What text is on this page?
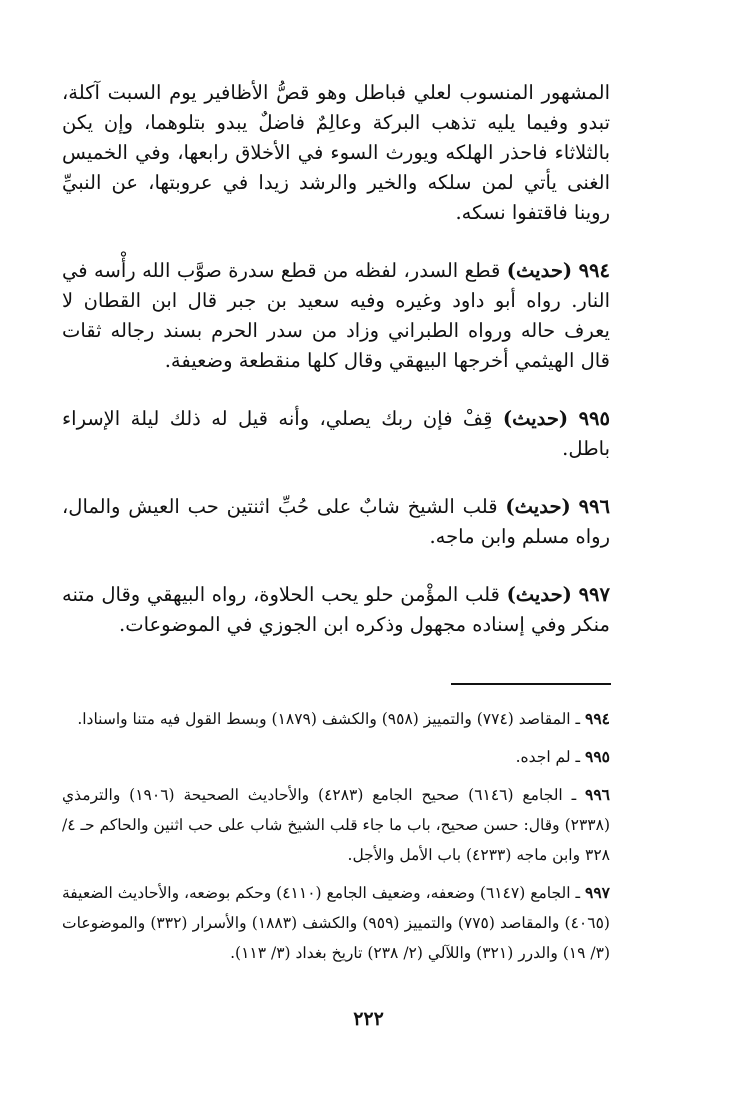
المشهور المنسوب لعلي فباطل وهو قصُّ الأظافير يوم السبت آكلة، تبدو وفيما يليه تذهب البركة وعالِمٌ فاضلٌ يبدو بتلوهما، وإن يكن بالثلاثاء فاحذر الهلكه ويورث السوء في الأخلاق رابعها، وفي الخميس الغنى يأتي لمن سلكه والخير والرشد زيدا في عروبتها، عن النبيِّ روينا فاقتفوا نسكه.

٩٩٤ (حديث) قطع السدر، لفظه من قطع سدرة صوَّب الله رأْسه في النار. رواه أبو داود وغيره وفيه سعيد بن جبر قال ابن القطان لا يعرف حاله ورواه الطبراني وزاد من سدر الحرم بسند رجاله ثقات قال الهيثمي أخرجها البيهقي وقال كلها منقطعة وضعيفة.

٩٩٥ (حديث) قِفْ فإن ربك يصلي، وأنه قيل له ذلك ليلة الإسراء باطل.

٩٩٦ (حديث) قلب الشيخ شابٌ على حُبِّ اثنتين حب العيش والمال، رواه مسلم وابن ماجه.

٩٩٧ (حديث) قلب المؤْمن حلو يحب الحلاوة، رواه البيهقي وقال متنه منكر وفي إسناده مجهول وذكره ابن الجوزي في الموضوعات.

٩٩٤ ـ المقاصد (٧٧٤) والتمييز (٩٥٨) والكشف (١٨٧٩) وبسط القول فيه متنا واسنادا.

٩٩٥ ـ لم اجده.

٩٩٦ ـ الجامع (٦١٤٦) صحيح الجامع (٤٢٨٣) والأحاديث الصحيحة (١٩٠٦) والترمذي (٢٣٣٨) وقال: حسن صحيح، باب ما جاء قلب الشيخ شاب على حب اثنين والحاكم حـ ٤/ ٣٢٨ وابن ماجه (٤٢٣٣) باب الأمل والأجل.

٩٩٧ ـ الجامع (٦١٤٧) وضعفه، وضعيف الجامع (٤١١٠) وحكم بوضعه، والأحاديث الضعيفة (٤٠٦٥) والمقاصد (٧٧٥) والتمييز (٩٥٩) والكشف (١٨٨٣) والأسرار (٣٣٢) والموضوعات (٣/ ١٩) والدرر (٣٢١) واللآلي (٢/ ٢٣٨) تاريخ بغداد (٣/ ١١٣).

٢٢٢
